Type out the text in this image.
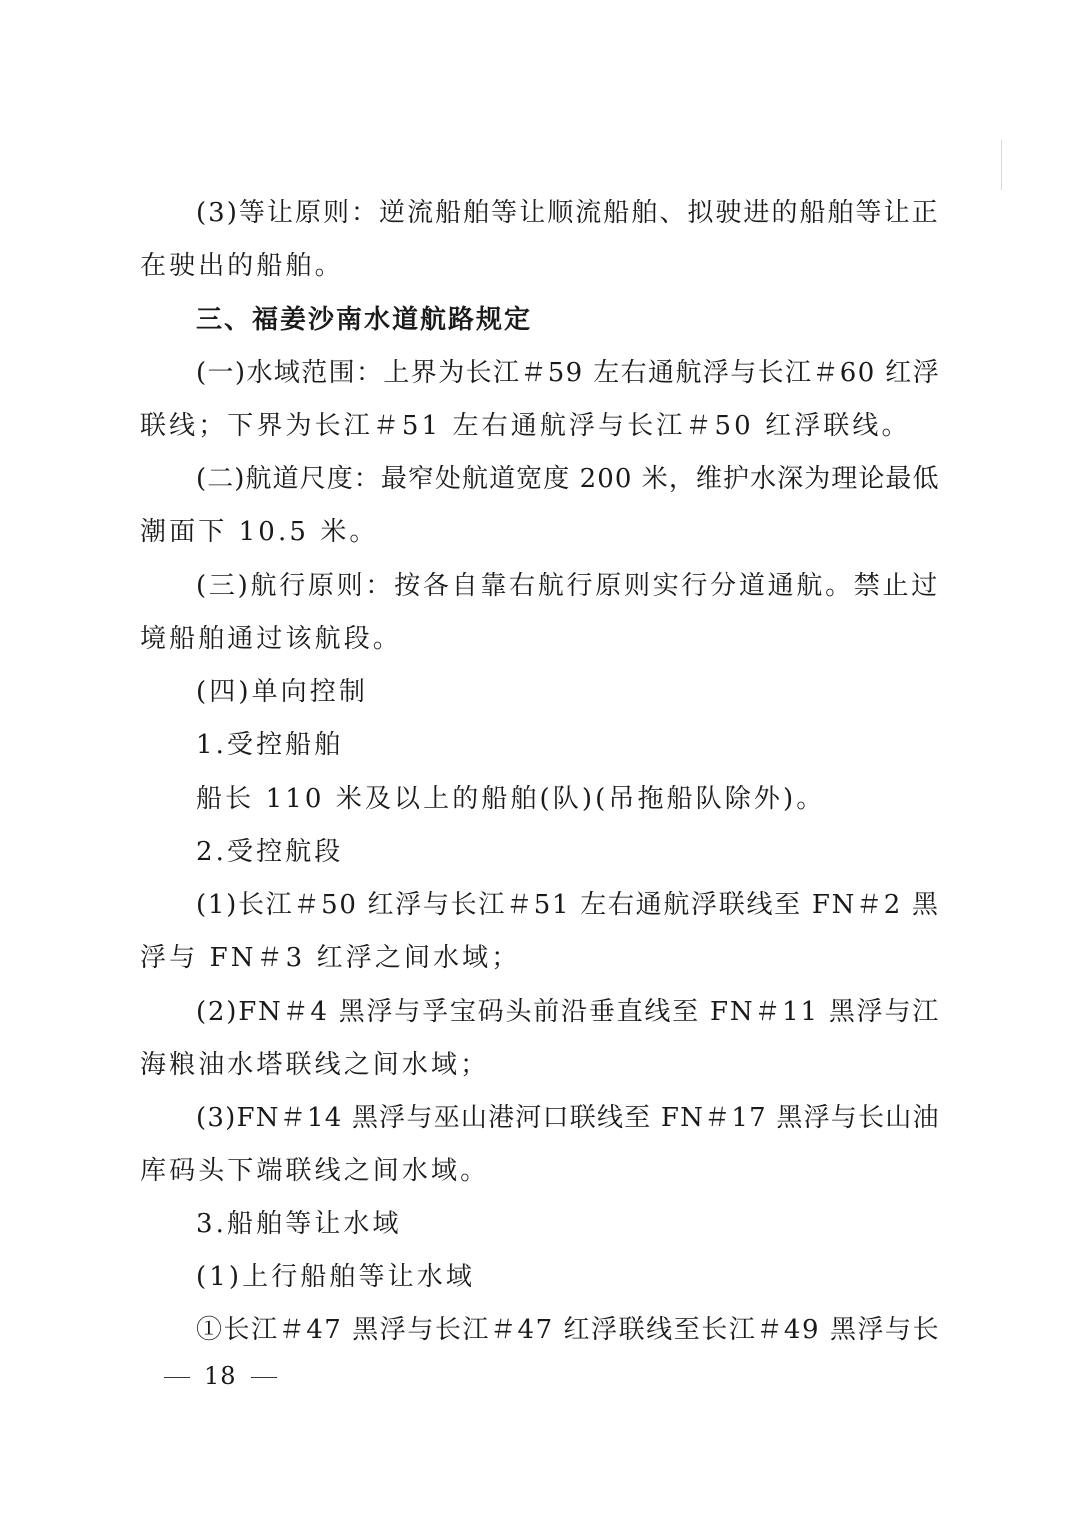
(3)等让原则：逆流船舶等让顺流船舶、拟驶进的船舶等让正
在驶出的船舶。
三、福姜沙南水道航路规定
(一)水域范围：上界为长江＃59 左右通航浮与长江＃60 红浮
联线；下界为长江＃51 左右通航浮与长江＃50 红浮联线。
(二)航道尺度：最窄处航道宽度 200 米，维护水深为理论最低
潮面下 10.5 米。
(三)航行原则：按各自靠右航行原则实行分道通航。禁止过
境船舶通过该航段。
(四)单向控制
1.受控船舶
船长 110 米及以上的船舶(队)(吊拖船队除外)。
2.受控航段
(1)长江＃50 红浮与长江＃51 左右通航浮联线至 FN＃2 黑
浮与 FN＃3 红浮之间水域；
(2)FN＃4 黑浮与孚宝码头前沿垂直线至 FN＃11 黑浮与江
海粮油水塔联线之间水域；
(3)FN＃14 黑浮与巫山港河口联线至 FN＃17 黑浮与长山油
库码头下端联线之间水域。
3.船舶等让水域
(1)上行船舶等让水域
①长江＃47 黑浮与长江＃47 红浮联线至长江＃49 黑浮与长
18
